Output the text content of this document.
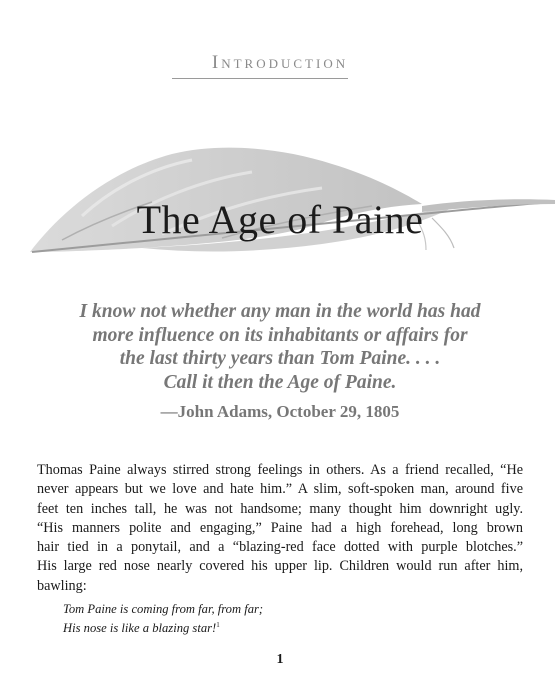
Introduction
The Age of Paine
I know not whether any man in the world has had
more influence on its inhabitants or affairs for
the last thirty years than Tom Paine. . . .
Call it then the Age of Paine.
—John Adams, October 29, 1805
Thomas Paine always stirred strong feelings in others. As a friend recalled, “He
never appears but we love and hate him.” A slim, soft-spoken man, around five
feet ten inches tall, he was not handsome; many thought him downright ugly.
“His manners polite and engaging,” Paine had a high forehead, long brown
hair tied in a ponytail, and a “blazing-red face dotted with purple blotches.”
His large red nose nearly covered his upper lip. Children would run after him,
bawling:
Tom Paine is coming from far, from far;
His nose is like a blazing star!$^1$
1
